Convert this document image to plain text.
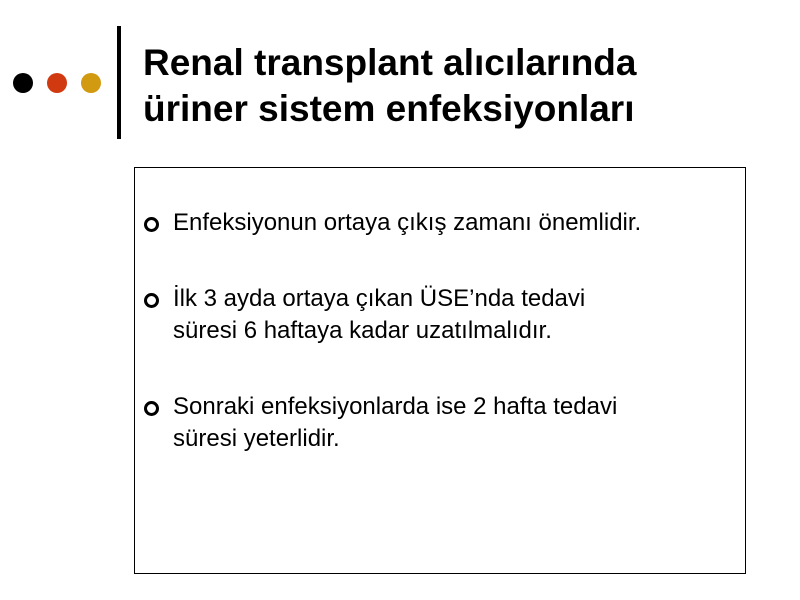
Renal transplant alıcılarında
üriner sistem enfeksiyonları
Enfeksiyonun ortaya çıkış zamanı önemlidir.
İlk 3 ayda ortaya çıkan ÜSE’nda tedavi
süresi 6 haftaya kadar uzatılmalıdır.
Sonraki enfeksiyonlarda ise 2 hafta tedavi
süresi yeterlidir.
